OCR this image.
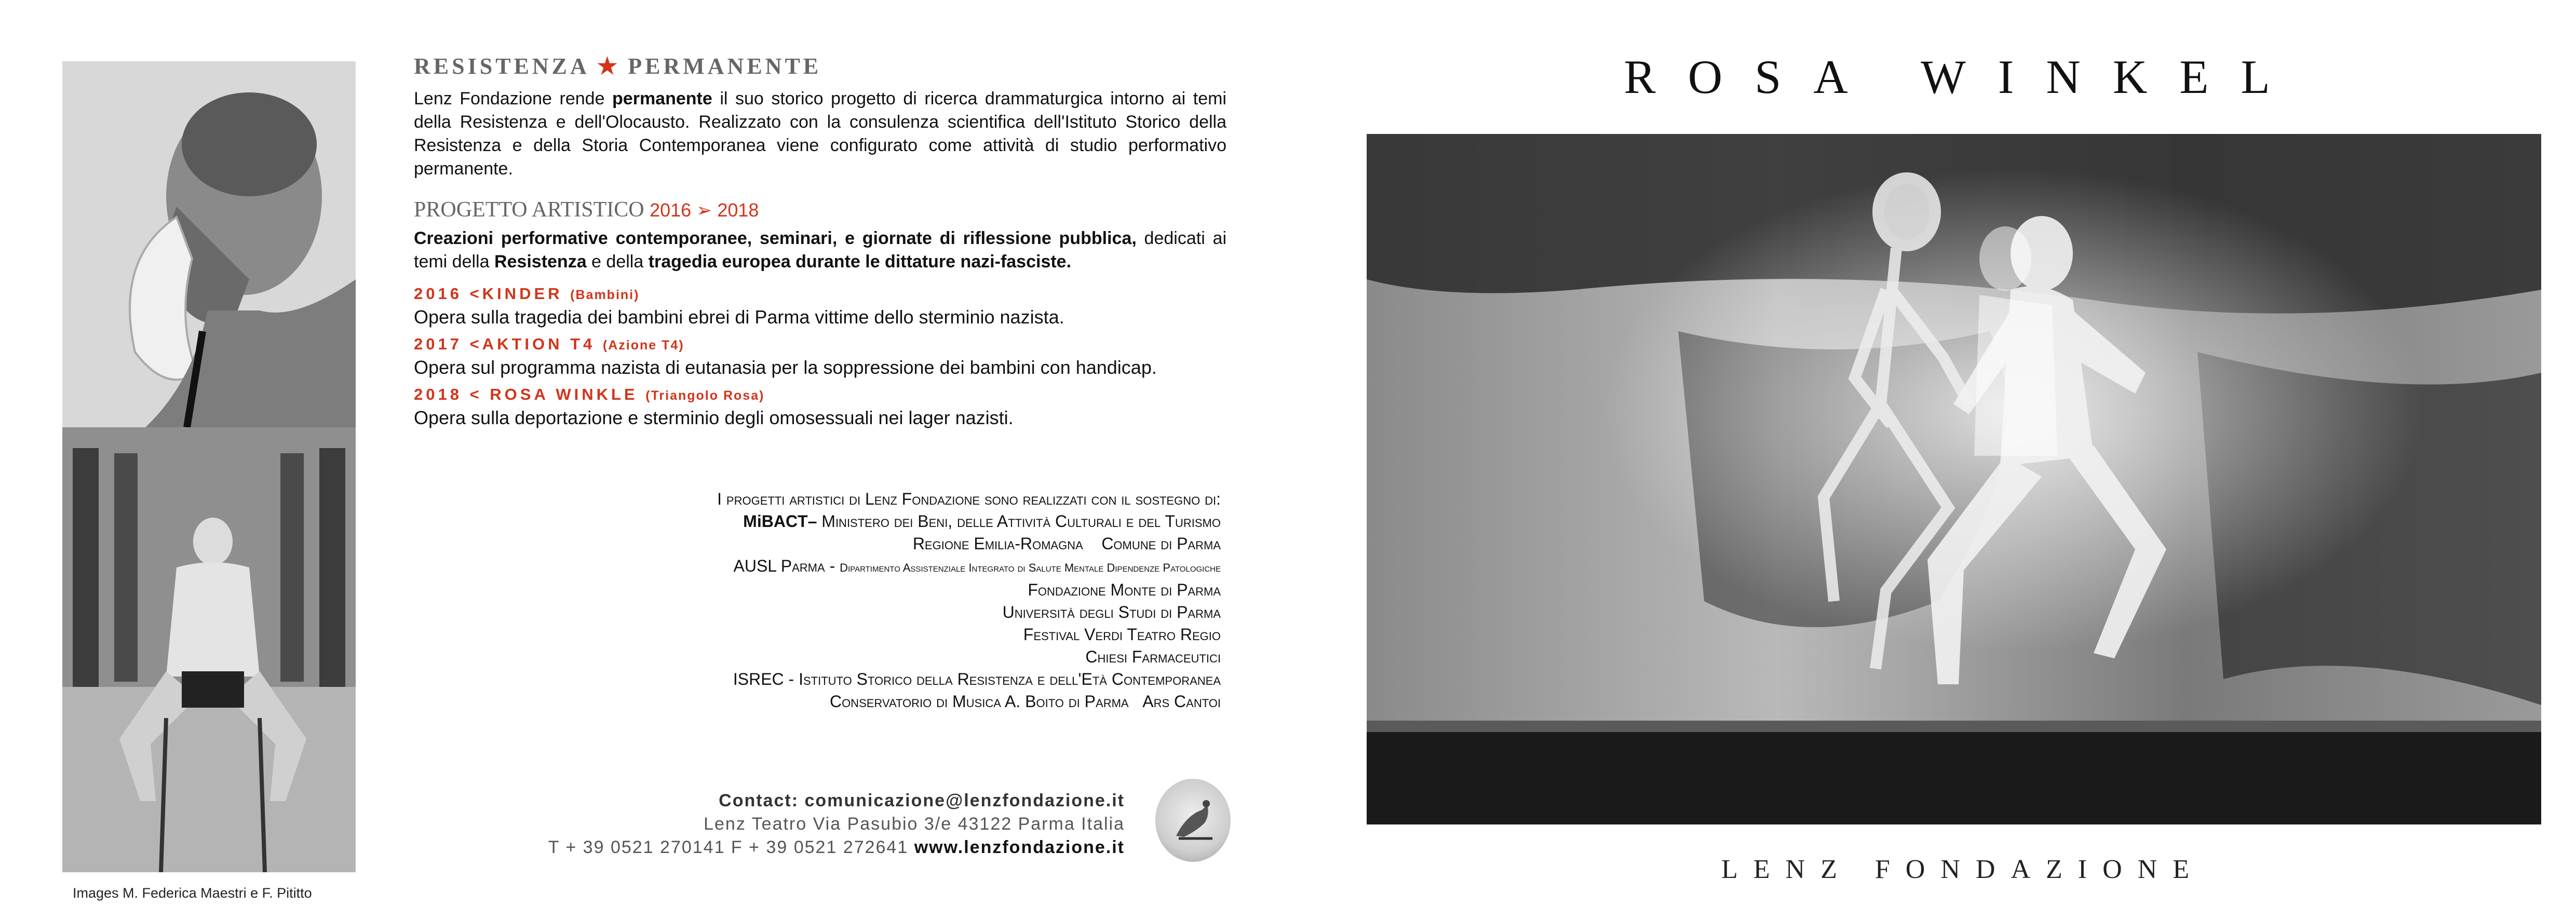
Images M. Federica Maestri e F. Pititto
RESISTENZA ★ PERMANENTE
Lenz Fondazione rende permanente il suo storico progetto di ricerca drammaturgica intorno ai temi della Resistenza e dell'Olocausto. Realizzato con la consulenza scientifica dell'Istituto Storico della Resistenza e della Storia Contemporanea viene configurato come attività di studio performativo permanente.
PROGETTO ARTISTICO 2016 ➢ 2018
Creazioni performative contemporanee, seminari, e giornate di riflessione pubblica, dedicati ai temi della Resistenza e della tragedia europea durante le dittature nazi-fasciste.
2016 <KINDER (Bambini)
Opera sulla tragedia dei bambini ebrei di Parma vittime dello sterminio nazista.
2017 <AKTION T4 (Azione T4)
Opera sul programma nazista di eutanasia per la soppressione dei bambini con handicap.
2018 < ROSA WINKLE (Triangolo Rosa)
Opera sulla deportazione e sterminio degli omosessuali nei lager nazisti.
I progetti artistici di Lenz Fondazione sono realizzati con il sostegno di:
MiBACT– Ministero dei Beni, delle Attività Culturali e del Turismo
Regione Emilia-Romagna Comune di Parma
AUSL Parma - Dipartimento Assistenziale Integrato di Salute Mentale Dipendenze Patologiche
Fondazione Monte di Parma
Università degli Studi di Parma
Festival Verdi Teatro Regio
Chiesi Farmaceutici
ISREC - Istituto Storico della Resistenza e dell'Età Contemporanea
Conservatorio di Musica A. Boito di Parma Ars Cantoi
Contact: comunicazione@lenzfondazione.it
Lenz Teatro Via Pasubio 3/e 43122 Parma Italia
T + 39 0521 270141 F + 39 0521 272641 www.lenzfondazione.it
ROSA WINKEL
LENZ FONDAZIONE
